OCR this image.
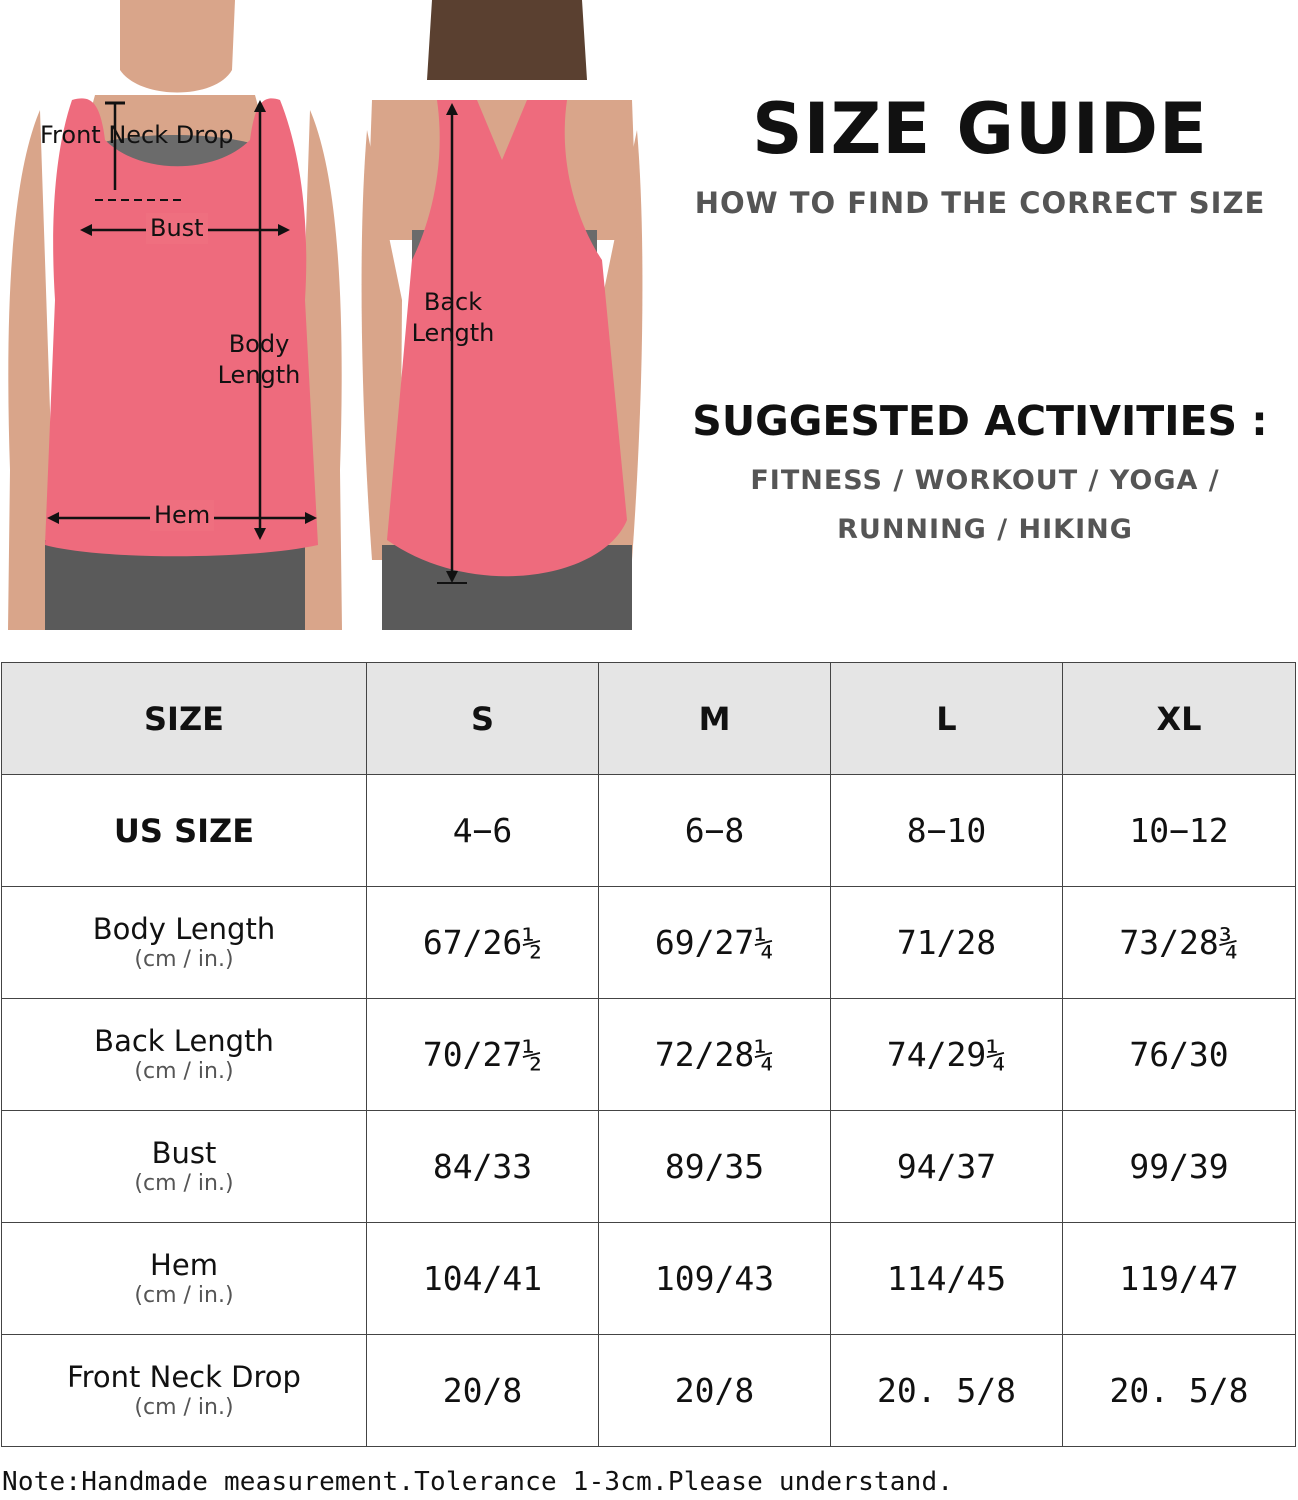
Front Neck Drop
Bust
Body Length
Hem
Back Length
SIZE GUIDE
HOW TO FIND THE CORRECT SIZE
SUGGESTED ACTIVITIES :
FITNESS / WORKOUT / YOGA /
RUNNING / HIKING
SIZE	S	M	L	XL

US SIZE	4−6	6−8	8−10	10−12

Body Length
(cm / in.)	67/26½	69/27¼	71/28	73/28¾

Back Length
(cm / in.)	70/27½	72/28¼	74/29¼	76/30

Bust
(cm / in.)	84/33	89/35	94/37	99/39

Hem
(cm / in.)	104/41	109/43	114/45	119/47

Front Neck Drop
(cm / in.)	20/8	20/8	20. 5/8	20. 5/8
Note:Handmade measurement.Tolerance 1-3cm.Please understand.
